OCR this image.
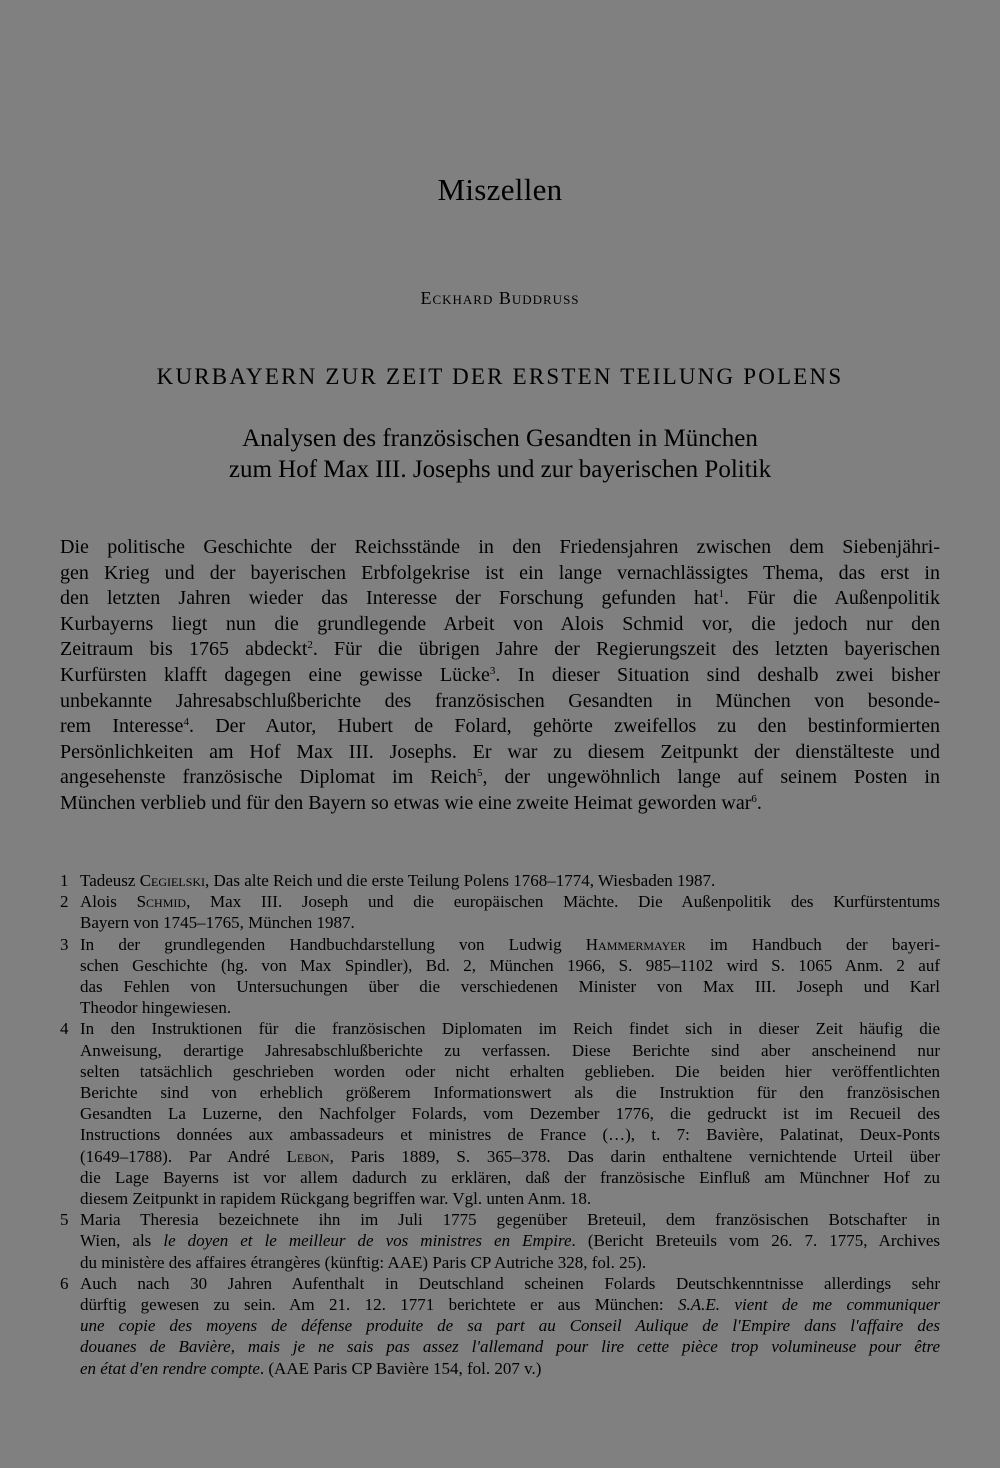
Miszellen
Eckhard Buddruss
KURBAYERN ZUR ZEIT DER ERSTEN TEILUNG POLENS
Analysen des französischen Gesandten in München
zum Hof Max III. Josephs und zur bayerischen Politik
Die politische Geschichte der Reichsstände in den Friedensjahren zwischen dem Siebenjähri-
gen Krieg und der bayerischen Erbfolgekrise ist ein lange vernachlässigtes Thema, das erst in
den letzten Jahren wieder das Interesse der Forschung gefunden hat$^1$. Für die Außenpolitik
Kurbayerns liegt nun die grundlegende Arbeit von Alois Schmid vor, die jedoch nur den
Zeitraum bis 1765 abdeckt$^2$. Für die übrigen Jahre der Regierungszeit des letzten bayerischen
Kurfürsten klafft dagegen eine gewisse Lücke$^3$. In dieser Situation sind deshalb zwei bisher
unbekannte Jahresabschlußberichte des französischen Gesandten in München von besonde-
rem Interesse$^4$. Der Autor, Hubert de Folard, gehörte zweifellos zu den bestinformierten
Persönlichkeiten am Hof Max III. Josephs. Er war zu diesem Zeitpunkt der dienstälteste und
angesehenste französische Diplomat im Reich$^5$, der ungewöhnlich lange auf seinem Posten in
München verblieb und für den Bayern so etwas wie eine zweite Heimat geworden war$^6$.
1 Tadeusz Cegielski, Das alte Reich und die erste Teilung Polens 1768–1774, Wiesbaden 1987.
2 Alois Schmid, Max III. Joseph und die europäischen Mächte. Die Außenpolitik des Kurfürstentums
Bayern von 1745–1765, München 1987.
3 In der grundlegenden Handbuchdarstellung von Ludwig Hammermayer im Handbuch der bayeri-
schen Geschichte (hg. von Max Spindler), Bd. 2, München 1966, S. 985–1102 wird S. 1065 Anm. 2 auf
das Fehlen von Untersuchungen über die verschiedenen Minister von Max III. Joseph und Karl
Theodor hingewiesen.
4 In den Instruktionen für die französischen Diplomaten im Reich findet sich in dieser Zeit häufig die
Anweisung, derartige Jahresabschlußberichte zu verfassen. Diese Berichte sind aber anscheinend nur
selten tatsächlich geschrieben worden oder nicht erhalten geblieben. Die beiden hier veröffentlichten
Berichte sind von erheblich größerem Informationswert als die Instruktion für den französischen
Gesandten La Luzerne, den Nachfolger Folards, vom Dezember 1776, die gedruckt ist im Recueil des
Instructions données aux ambassadeurs et ministres de France (…), t. 7: Bavière, Palatinat, Deux-Ponts
(1649–1788). Par André Lebon, Paris 1889, S. 365–378. Das darin enthaltene vernichtende Urteil über
die Lage Bayerns ist vor allem dadurch zu erklären, daß der französische Einfluß am Münchner Hof zu
diesem Zeitpunkt in rapidem Rückgang begriffen war. Vgl. unten Anm. 18.
5 Maria Theresia bezeichnete ihn im Juli 1775 gegenüber Breteuil, dem französischen Botschafter in
Wien, als le doyen et le meilleur de vos ministres en Empire. (Bericht Breteuils vom 26. 7. 1775, Archives
du ministère des affaires étrangères (künftig: AAE) Paris CP Autriche 328, fol. 25).
6 Auch nach 30 Jahren Aufenthalt in Deutschland scheinen Folards Deutschkenntnisse allerdings sehr
dürftig gewesen zu sein. Am 21. 12. 1771 berichtete er aus München: S.A.E. vient de me communiquer
une copie des moyens de défense produite de sa part au Conseil Aulique de l'Empire dans l'affaire des
douanes de Bavière, mais je ne sais pas assez l'allemand pour lire cette pièce trop volumineuse pour être
en état d'en rendre compte. (AAE Paris CP Bavière 154, fol. 207 v.)
